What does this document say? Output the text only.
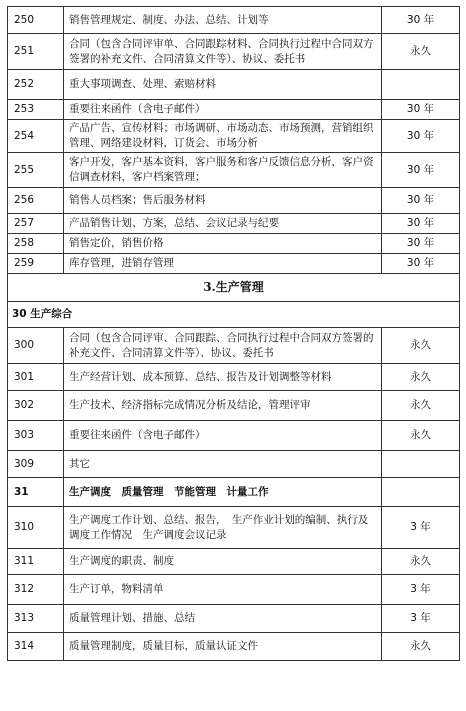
250	销售管理规定、制度、办法、总结、计划等	30 年
251	合同（包含合同评审单、合同跟踪材料、合同执行过程中合同双方签署的补充文件、合同清算文件等）、协议、委托书	永久
252	重大事项调查、处理、索赔材料	
253	重要往来函件（含电子邮件）	30 年
254	产品广告、宣传材料；市场调研、市场动态、市场预测，营销组织管理、网络建设材料，订货会、市场分析	30 年
255	客户开发，客户基本资料，客户服务和客户反馈信息分析，客户资信调查材料，客户档案管理；	30 年
256	销售人员档案；售后服务材料	30 年
257	产品销售计划、方案，总结、会议记录与纪要	30 年
258	销售定价，销售价格	30 年
259	库存管理，进销存管理	30 年
3.生产管理		
30 生产综合		
300	合同（包含合同评审、合同跟踪、合同执行过程中合同双方签署的补充文件、合同清算文件等）、协议、委托书	永久
301	生产经营计划、成本预算、总结、报告及计划调整等材料	永久
302	生产技术、经济指标完成情况分析及结论，管理评审	永久
303	重要往来函件（含电子邮件）	永久
309	其它	
31	生产调度　质量管理　节能管理　计量工作	
310	生产调度工作计划、总结、报告，　生产作业计划的编制、执行及调度工作情况　生产调度会议记录	3 年
311	生产调度的职责、制度	永久
312	生产订单，物料清单	3 年
313	质量管理计划、措施、总结	3 年
314	质量管理制度，质量目标，质量认证文件	永久
